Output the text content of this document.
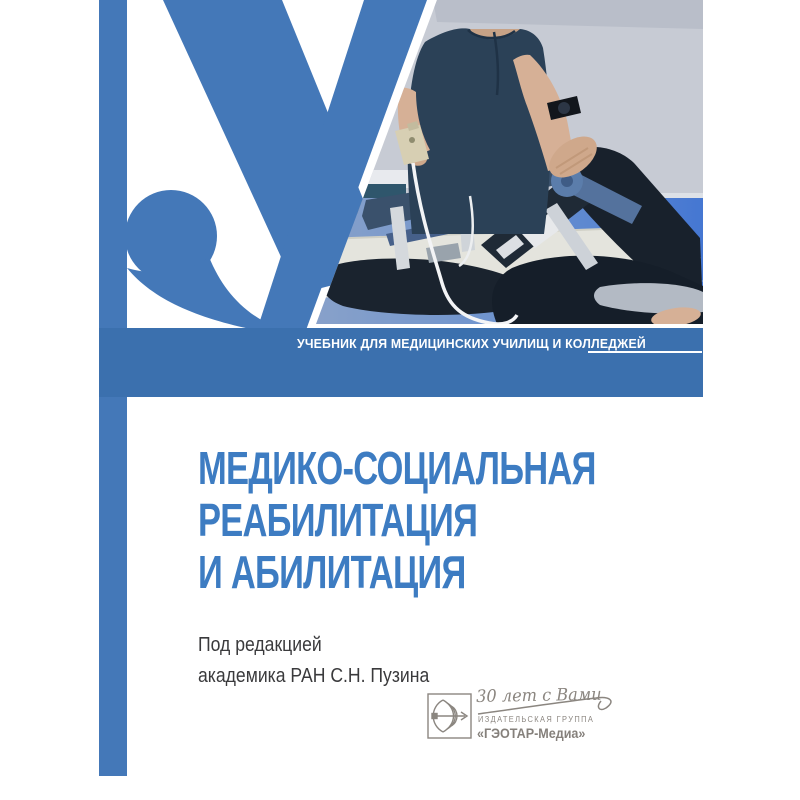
УЧЕБНИК ДЛЯ МЕДИЦИНСКИХ УЧИЛИЩ И КОЛЛЕДЖЕЙ
МЕДИКО-СОЦИАЛЬНАЯ
РЕАБИЛИТАЦИЯ
И АБИЛИТАЦИЯ
Под редакцией
академика РАН С.Н. Пузина
30 лет с Вами
ИЗДАТЕЛЬСКАЯ ГРУППА
«ГЭОТАР-Медиа»
